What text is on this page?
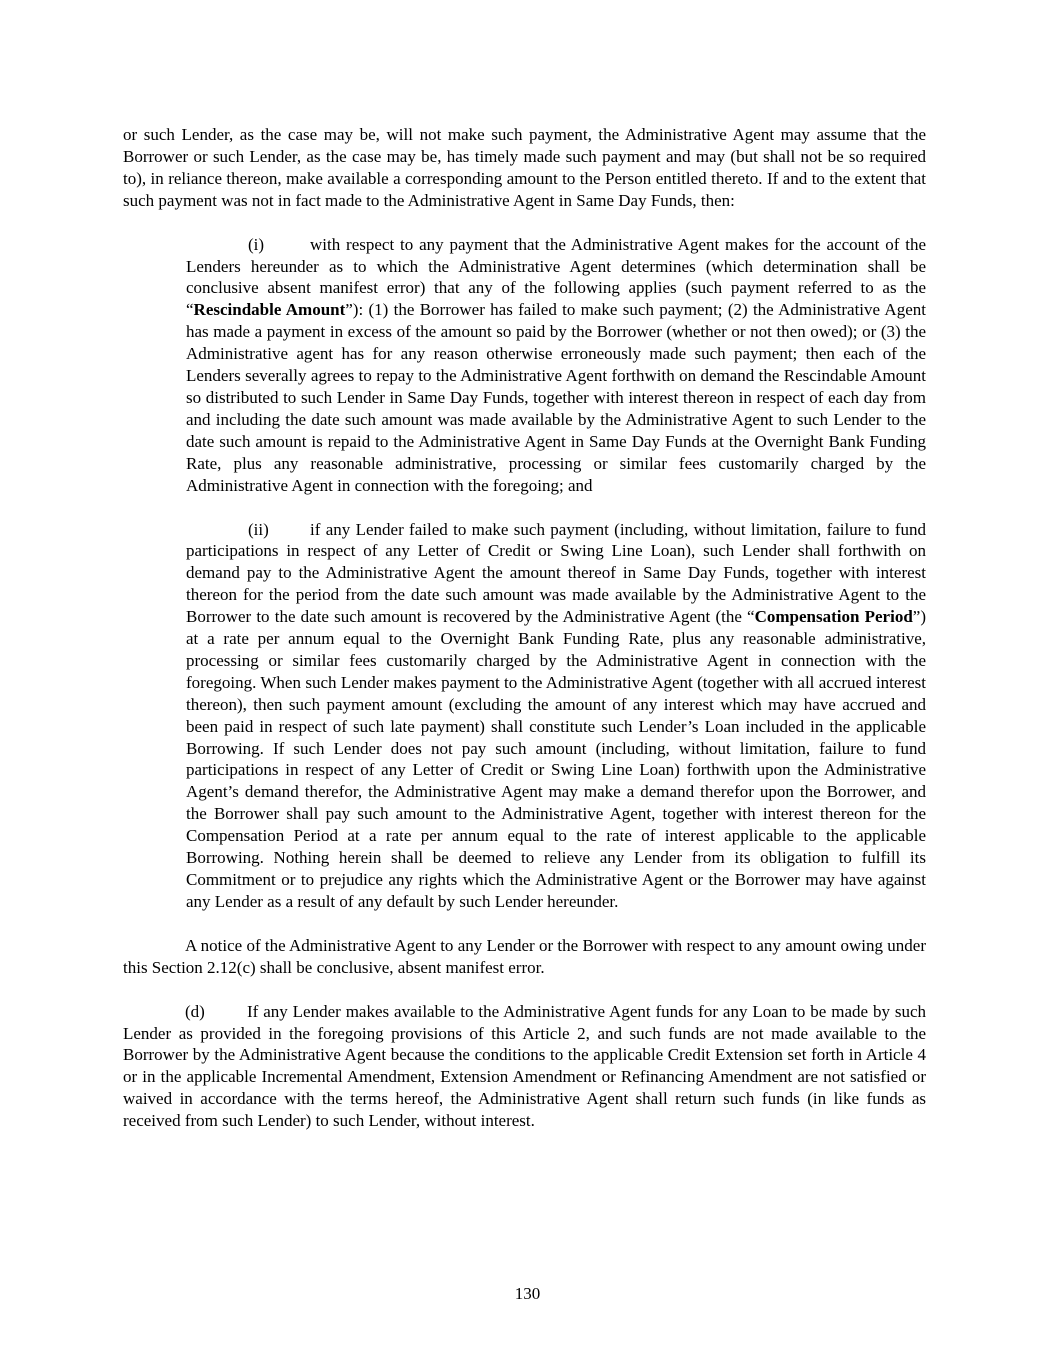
or such Lender, as the case may be, will not make such payment, the Administrative Agent may assume that the Borrower or such Lender, as the case may be, has timely made such payment and may (but shall not be so required to), in reliance thereon, make available a corresponding amount to the Person entitled thereto. If and to the extent that such payment was not in fact made to the Administrative Agent in Same Day Funds, then:

(i)	with respect to any payment that the Administrative Agent makes for the account of the Lenders hereunder as to which the Administrative Agent determines (which determination shall be conclusive absent manifest error) that any of the following applies (such payment referred to as the “Rescindable Amount”): (1) the Borrower has failed to make such payment; (2) the Administrative Agent has made a payment in excess of the amount so paid by the Borrower (whether or not then owed); or (3) the Administrative agent has for any reason otherwise erroneously made such payment; then each of the Lenders severally agrees to repay to the Administrative Agent forthwith on demand the Rescindable Amount so distributed to such Lender in Same Day Funds, together with interest thereon in respect of each day from and including the date such amount was made available by the Administrative Agent to such Lender to the date such amount is repaid to the Administrative Agent in Same Day Funds at the Overnight Bank Funding Rate, plus any reasonable administrative, processing or similar fees customarily charged by the Administrative Agent in connection with the foregoing; and

(ii) if any Lender failed to make such payment (including, without limitation, failure to fund participations in respect of any Letter of Credit or Swing Line Loan), such Lender shall forthwith on demand pay to the Administrative Agent the amount thereof in Same Day Funds, together with interest thereon for the period from the date such amount was made available by the Administrative Agent to the Borrower to the date such amount is recovered by the Administrative Agent (the “Compensation Period”) at a rate per annum equal to the Overnight Bank Funding Rate, plus any reasonable administrative, processing or similar fees customarily charged by the Administrative Agent in connection with the foregoing. When such Lender makes payment to the Administrative Agent (together with all accrued interest thereon), then such payment amount (excluding the amount of any interest which may have accrued and been paid in respect of such late payment) shall constitute such Lender’s Loan included in the applicable Borrowing. If such Lender does not pay such amount (including, without limitation, failure to fund participations in respect of any Letter of Credit or Swing Line Loan) forthwith upon the Administrative Agent’s demand therefor, the Administrative Agent may make a demand therefor upon the Borrower, and the Borrower shall pay such amount to the Administrative Agent, together with interest thereon for the Compensation Period at a rate per annum equal to the rate of interest applicable to the applicable Borrowing. Nothing herein shall be deemed to relieve any Lender from its obligation to fulfill its Commitment or to prejudice any rights which the Administrative Agent or the Borrower may have against any Lender as a result of any default by such Lender hereunder.

A notice of the Administrative Agent to any Lender or the Borrower with respect to any amount owing under this Section 2.12(c) shall be conclusive, absent manifest error.

(d) If any Lender makes available to the Administrative Agent funds for any Loan to be made by such Lender as provided in the foregoing provisions of this Article 2, and such funds are not made available to the Borrower by the Administrative Agent because the conditions to the applicable Credit Extension set forth in Article 4 or in the applicable Incremental Amendment, Extension Amendment or Refinancing Amendment are not satisfied or waived in accordance with the terms hereof, the Administrative Agent shall return such funds (in like funds as received from such Lender) to such Lender, without interest.

130
